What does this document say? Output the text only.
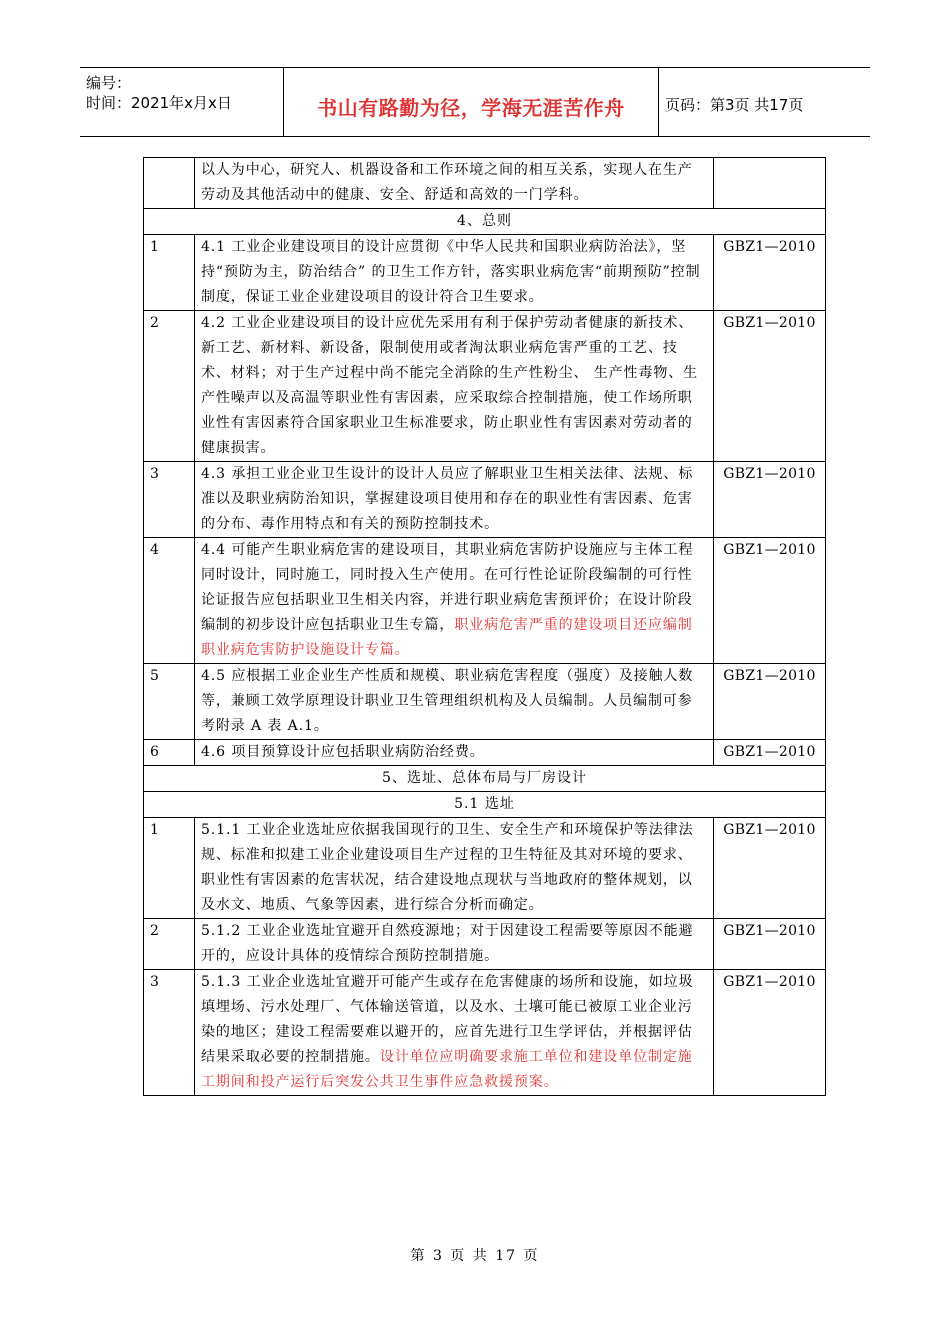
编号：
时间：2021年x月x日	书山有路勤为径，学海无涯苦作舟	页码：第3页 共17页
	以人为中心，研究人、机器设备和工作环境之间的相互关系，实现人在生产劳动及其他活动中的健康、安全、舒适和高效的一门学科。	
4、总则		
1	4.1 工业企业建设项目的设计应贯彻《中华人民共和国职业病防治法》，坚持“预防为主，防治结合” 的卫生工作方针，落实职业病危害“前期预防”控制制度，保证工业企业建设项目的设计符合卫生要求。	GBZ1—2010
2	4.2 工业企业建设项目的设计应优先采用有利于保护劳动者健康的新技术、新工艺、新材料、新设备，限制使用或者淘汰职业病危害严重的工艺、技术、材料；对于生产过程中尚不能完全消除的生产性粉尘、 生产性毒物、生产性噪声以及高温等职业性有害因素，应采取综合控制措施，使工作场所职业性有害因素符合国家职业卫生标准要求，防止职业性有害因素对劳动者的健康损害。	GBZ1—2010
3	4.3 承担工业企业卫生设计的设计人员应了解职业卫生相关法律、法规、标准以及职业病防治知识，掌握建设项目使用和存在的职业性有害因素、危害的分布、毒作用特点和有关的预防控制技术。	GBZ1—2010
4	4.4 可能产生职业病危害的建设项目，其职业病危害防护设施应与主体工程同时设计，同时施工，同时投入生产使用。在可行性论证阶段编制的可行性论证报告应包括职业卫生相关内容，并进行职业病危害预评价；在设计阶段编制的初步设计应包括职业卫生专篇，职业病危害严重的建设项目还应编制职业病危害防护设施设计专篇。	GBZ1—2010
5	4.5 应根据工业企业生产性质和规模、职业病危害程度（强度）及接触人数等，兼顾工效学原理设计职业卫生管理组织机构及人员编制。人员编制可参考附录 A 表 A.1。	GBZ1—2010
6	4.6 项目预算设计应包括职业病防治经费。	GBZ1—2010
5、选址、总体布局与厂房设计		
5.1 选址		
1	5.1.1 工业企业选址应依据我国现行的卫生、安全生产和环境保护等法律法规、标准和拟建工业企业建设项目生产过程的卫生特征及其对环境的要求、职业性有害因素的危害状况，结合建设地点现状与当地政府的整体规划，以及水文、地质、气象等因素，进行综合分析而确定。	GBZ1—2010
2	5.1.2 工业企业选址宜避开自然疫源地；对于因建设工程需要等原因不能避开的，应设计具体的疫情综合预防控制措施。	GBZ1—2010
3	5.1.3 工业企业选址宜避开可能产生或存在危害健康的场所和设施，如垃圾填埋场、污水处理厂、气体输送管道，以及水、土壤可能已被原工业企业污染的地区；建设工程需要难以避开的，应首先进行卫生学评估，并根据评估结果采取必要的控制措施。设计单位应明确要求施工单位和建设单位制定施工期间和投产运行后突发公共卫生事件应急救援预案。	GBZ1—2010
第 3 页 共 17 页
